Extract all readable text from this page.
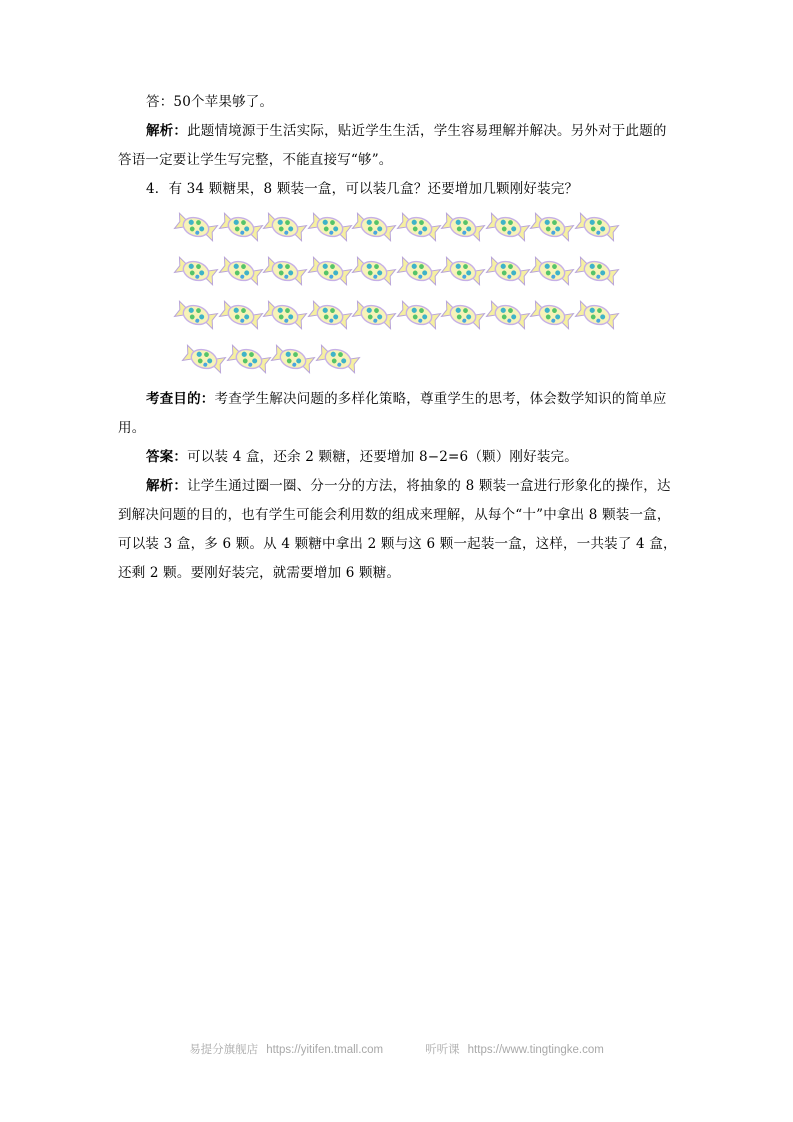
答：50个苹果够了。

解析：此题情境源于生活实际，贴近学生生活，学生容易理解并解决。另外对于此题的答语一定要让学生写完整，不能直接写“够”。

4．有 34 颗糖果，8 颗装一盒，可以装几盒？还要增加几颗刚好装完？

考查目的：考查学生解决问题的多样化策略，尊重学生的思考，体会数学知识的简单应用。

答案：可以装 4 盒，还余 2 颗糖，还要增加 8−2=6（颗）刚好装完。

解析：让学生通过圈一圈、分一分的方法，将抽象的 8 颗装一盒进行形象化的操作，达到解决问题的目的，也有学生可能会利用数的组成来理解，从每个“十”中拿出 8 颗装一盒，可以装 3 盒，多 6 颗。从 4 颗糖中拿出 2 颗与这 6 颗一起装一盒，这样，一共装了 4 盒，还剩 2 颗。要刚好装完，就需要增加 6 颗糖。

易提分旗舰店 https://yitifen.tmall.com	听听课 https://www.tingtingke.com
